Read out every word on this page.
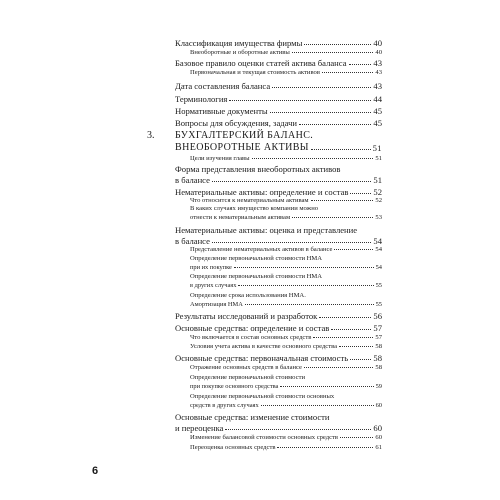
Классификация имущества фирмы	40
Внеоборотные и оборотные активы	40
Базовое правило оценки статей актива баланса	43
Первоначальная и текущая стоимость активов	43
Дата составления баланса	43
Терминология	44
Нормативные документы	45
Вопросы для обсуждения, задачи	45
3. БУХГАЛТЕРСКИЙ БАЛАНС.
ВНЕОБОРОТНЫЕ АКТИВЫ	51
Цели изучения главы	51
Форма представления внеоборотных активов
в балансе	51
Нематериальные активы: определение и состав	52
Что относится к нематериальным активам	52
В каких случаях имущество компании можно
отнести к нематериальным активам	53
Нематериальные активы: оценка и представление
в балансе	54
Представление нематериальных активов в балансе	54
Определение первоначальной стоимости НМА
при их покупке	54
Определение первоначальной стоимости НМА
в других случаях	55
Определение срока использования НМА.
Амортизация НМА	55
Результаты исследований и разработок	56
Основные средства: определение и состав	57
Что включается в состав основных средств	57
Условия учета актива в качестве основного средства	58
Основные средства: первоначальная стоимость	58
Отражение основных средств в балансе	58
Определение первоначальной стоимости
при покупке основного средства	59
Определение первоначальной стоимости основных
средств в других случаях	60
Основные средства: изменение стоимости
и переоценка	60
Изменение балансовой стоимости основных средств	60
Переоценка основных средств	61
6
